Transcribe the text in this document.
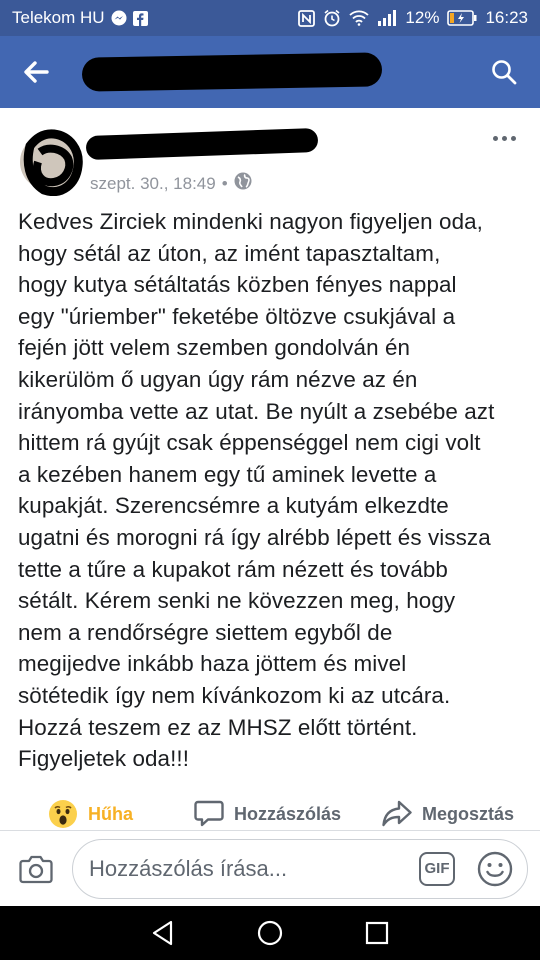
Telekom HU	12%	16:23
szept. 30., 18:49 •
Kedves Zirciek mindenki nagyon figyeljen oda,
hogy sétál az úton, az imént tapasztaltam,
hogy kutya sétáltatás közben fényes nappal
egy "úriember" feketébe öltözve csukjával a
fején jött velem szemben gondolván én
kikerülöm ő ugyan úgy rám nézve az én
irányomba vette az utat. Be nyúlt a zsebébe azt
hittem rá gyújt csak éppenséggel nem cigi volt
a kezében hanem egy tű aminek levette a
kupakját. Szerencsémre a kutyám elkezdte
ugatni és morogni rá így alrébb lépett és vissza
tette a tűre a kupakot rám nézett és tovább
sétált. Kérem senki ne kövezzen meg, hogy
nem a rendőrségre siettem egyből de
megijedve inkább haza jöttem és mivel
sötétedik így nem kívánkozom ki az utcára.
Hozzá teszem ez az MHSZ előtt történt.
Figyeljetek oda!!!
Hűha	Hozzászólás	Megosztás
Hozzászólás írása...
GIF
